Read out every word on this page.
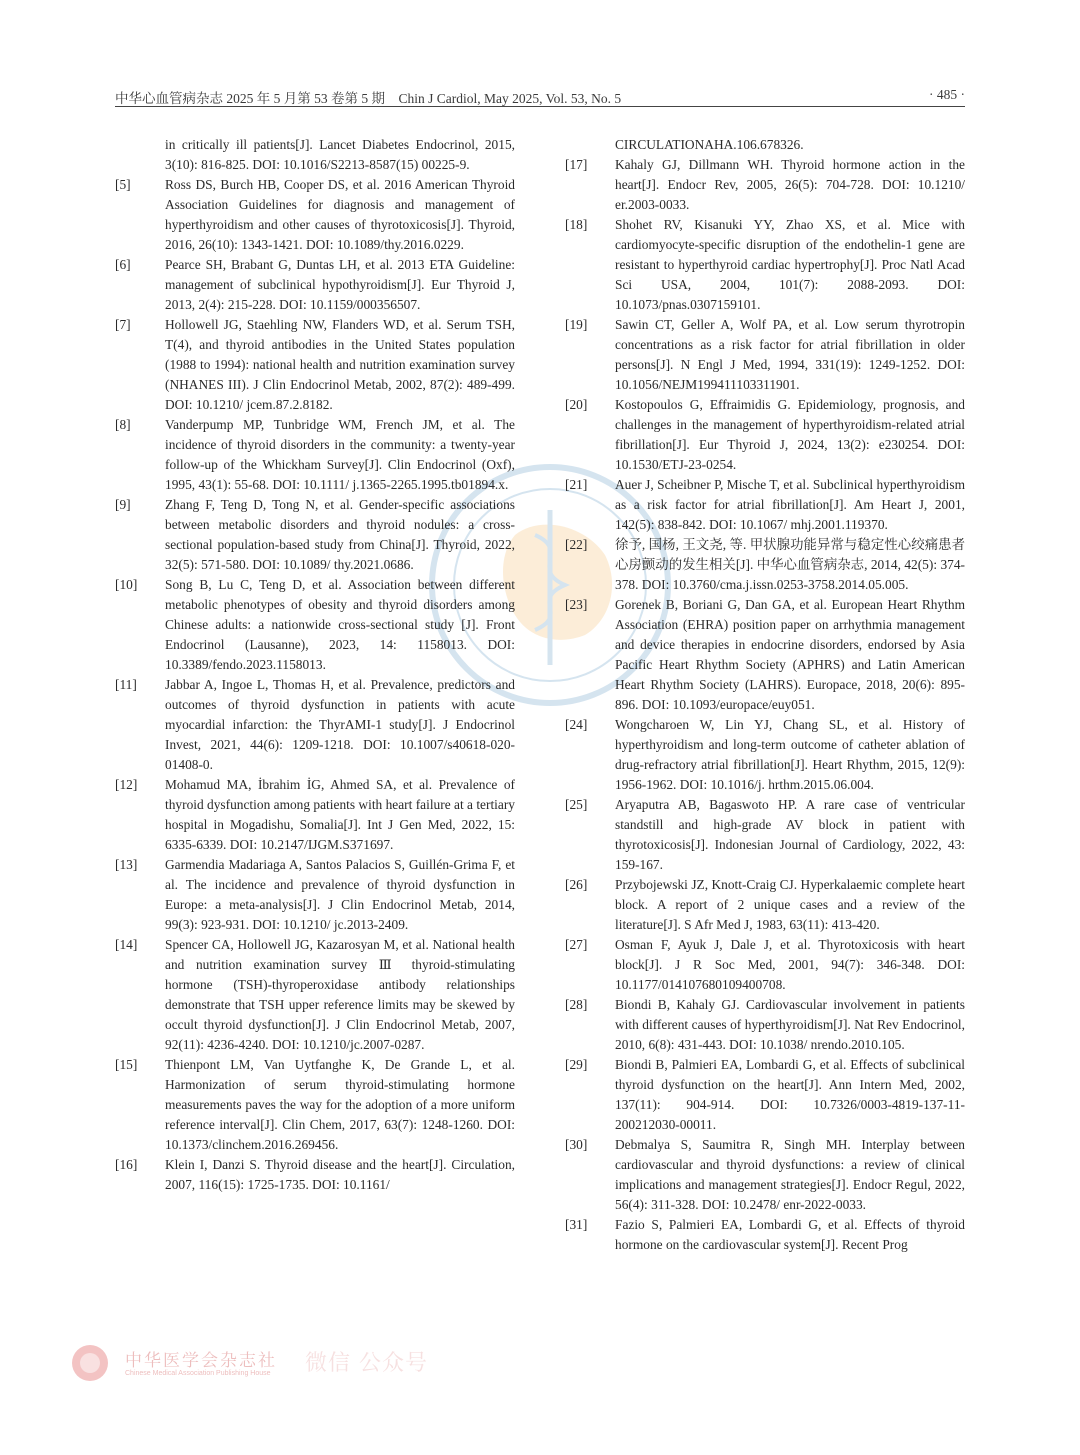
中华心血管病杂志 2025 年 5 月第 53 卷第 5 期　Chin J Cardiol, May 2025, Vol. 53, No. 5	· 485 ·

in critically ill patients[J]. Lancet Diabetes Endocrinol, 2015, 3(10): 816-825. DOI: 10.1016/S2213-8587(15) 00225-9.

[5]	Ross DS, Burch HB, Cooper DS, et al. 2016 American Thyroid Association Guidelines for diagnosis and management of hyperthyroidism and other causes of thyrotoxicosis[J]. Thyroid, 2016, 26(10): 1343-1421. DOI: 10.1089/thy.2016.0229.

[6]	Pearce SH, Brabant G, Duntas LH, et al. 2013 ETA Guideline: management of subclinical hypothyroidism[J]. Eur Thyroid J, 2013, 2(4): 215-228. DOI: 10.1159/000356507.

[7]	Hollowell JG, Staehling NW, Flanders WD, et al. Serum TSH, T(4), and thyroid antibodies in the United States population (1988 to 1994): national health and nutrition examination survey (NHANES III). J Clin Endocrinol Metab, 2002, 87(2): 489-499. DOI: 10.1210/ jcem.87.2.8182.

[8]	Vanderpump MP, Tunbridge WM, French JM, et al. The incidence of thyroid disorders in the community: a twenty-year follow-up of the Whickham Survey[J]. Clin Endocrinol (Oxf), 1995, 43(1): 55-68. DOI: 10.1111/ j.1365-2265.1995.tb01894.x.

[9]	Zhang F, Teng D, Tong N, et al. Gender-specific associations between metabolic disorders and thyroid nodules: a cross-sectional population-based study from China[J]. Thyroid, 2022, 32(5): 571-580. DOI: 10.1089/ thy.2021.0686.

[10]	Song B, Lu C, Teng D, et al. Association between different metabolic phenotypes of obesity and thyroid disorders among Chinese adults: a nationwide cross-sectional study [J]. Front Endocrinol (Lausanne), 2023, 14: 1158013. DOI: 10.3389/fendo.2023.1158013.

[11]	Jabbar A, Ingoe L, Thomas H, et al. Prevalence, predictors and outcomes of thyroid dysfunction in patients with acute myocardial infarction: the ThyrAMI-1 study[J]. J Endocrinol Invest, 2021, 44(6): 1209-1218. DOI: 10.1007/s40618-020-01408-0.

[12]	Mohamud MA, İbrahim İG, Ahmed SA, et al. Prevalence of thyroid dysfunction among patients with heart failure at a tertiary hospital in Mogadishu, Somalia[J]. Int J Gen Med, 2022, 15: 6335-6339. DOI: 10.2147/IJGM.S371697.

[13]	Garmendia Madariaga A, Santos Palacios S, Guillén-Grima F, et al. The incidence and prevalence of thyroid dysfunction in Europe: a meta-analysis[J]. J Clin Endocrinol Metab, 2014, 99(3): 923-931. DOI: 10.1210/ jc.2013-2409.

[14]	Spencer CA, Hollowell JG, Kazarosyan M, et al. National health and nutrition examination survey Ⅲ thyroid-stimulating hormone (TSH)-thyroperoxidase antibody relationships demonstrate that TSH upper reference limits may be skewed by occult thyroid dysfunction[J]. J Clin Endocrinol Metab, 2007, 92(11): 4236-4240. DOI: 10.1210/jc.2007-0287.

[15]	Thienpont LM, Van Uytfanghe K, De Grande L, et al. Harmonization of serum thyroid-stimulating hormone measurements paves the way for the adoption of a more uniform reference interval[J]. Clin Chem, 2017, 63(7): 1248-1260. DOI: 10.1373/clinchem.2016.269456.

[16]	Klein I, Danzi S. Thyroid disease and the heart[J]. Circulation, 2007, 116(15): 1725-1735. DOI: 10.1161/

CIRCULATIONAHA.106.678326.

[17]	Kahaly GJ, Dillmann WH. Thyroid hormone action in the heart[J]. Endocr Rev, 2005, 26(5): 704-728. DOI: 10.1210/ er.2003-0033.

[18]	Shohet RV, Kisanuki YY, Zhao XS, et al. Mice with cardiomyocyte-specific disruption of the endothelin-1 gene are resistant to hyperthyroid cardiac hypertrophy[J]. Proc Natl Acad Sci USA, 2004, 101(7): 2088-2093. DOI: 10.1073/pnas.0307159101.

[19]	Sawin CT, Geller A, Wolf PA, et al. Low serum thyrotropin concentrations as a risk factor for atrial fibrillation in older persons[J]. N Engl J Med, 1994, 331(19): 1249-1252. DOI: 10.1056/NEJM199411103311901.

[20]	Kostopoulos G, Effraimidis G. Epidemiology, prognosis, and challenges in the management of hyperthyroidism-related atrial fibrillation[J]. Eur Thyroid J, 2024, 13(2): e230254. DOI: 10.1530/ETJ-23-0254.

[21]	Auer J, Scheibner P, Mische T, et al. Subclinical hyperthyroidism as a risk factor for atrial fibrillation[J]. Am Heart J, 2001, 142(5): 838-842. DOI: 10.1067/ mhj.2001.119370.

[22]	徐予, 国杨, 王文尧, 等. 甲状腺功能异常与稳定性心绞痛患者心房颤动的发生相关[J]. 中华心血管病杂志, 2014, 42(5): 374-378. DOI: 10.3760/cma.j.issn.0253-3758.2014.05.005.

[23]	Gorenek B, Boriani G, Dan GA, et al. European Heart Rhythm Association (EHRA) position paper on arrhythmia management and device therapies in endocrine disorders, endorsed by Asia Pacific Heart Rhythm Society (APHRS) and Latin American Heart Rhythm Society (LAHRS). Europace, 2018, 20(6): 895-896. DOI: 10.1093/europace/euy051.

[24]	Wongcharoen W, Lin YJ, Chang SL, et al. History of hyperthyroidism and long-term outcome of catheter ablation of drug-refractory atrial fibrillation[J]. Heart Rhythm, 2015, 12(9): 1956-1962. DOI: 10.1016/j. hrthm.2015.06.004.

[25]	Aryaputra AB, Bagaswoto HP. A rare case of ventricular standstill and high-grade AV block in patient with thyrotoxicosis[J]. Indonesian Journal of Cardiology, 2022, 43: 159-167.

[26]	Przybojewski JZ, Knott-Craig CJ. Hyperkalaemic complete heart block. A report of 2 unique cases and a review of the literature[J]. S Afr Med J, 1983, 63(11): 413-420.

[27]	Osman F, Ayuk J, Dale J, et al. Thyrotoxicosis with heart block[J]. J R Soc Med, 2001, 94(7): 346-348. DOI: 10.1177/014107680109400708.

[28]	Biondi B, Kahaly GJ. Cardiovascular involvement in patients with different causes of hyperthyroidism[J]. Nat Rev Endocrinol, 2010, 6(8): 431-443. DOI: 10.1038/ nrendo.2010.105.

[29]	Biondi B, Palmieri EA, Lombardi G, et al. Effects of subclinical thyroid dysfunction on the heart[J]. Ann Intern Med, 2002, 137(11): 904-914. DOI: 10.7326/0003-4819-137-11- 200212030-00011.

[30]	Debmalya S, Saumitra R, Singh MH. Interplay between cardiovascular and thyroid dysfunctions: a review of clinical implications and management strategies[J]. Endocr Regul, 2022, 56(4): 311-328. DOI: 10.2478/ enr-2022-0033.

[31]	Fazio S, Palmieri EA, Lombardi G, et al. Effects of thyroid hormone on the cardiovascular system[J]. Recent Prog

中华医学会杂志社
Chinese Medical Association Publishing House 微信 公众号
